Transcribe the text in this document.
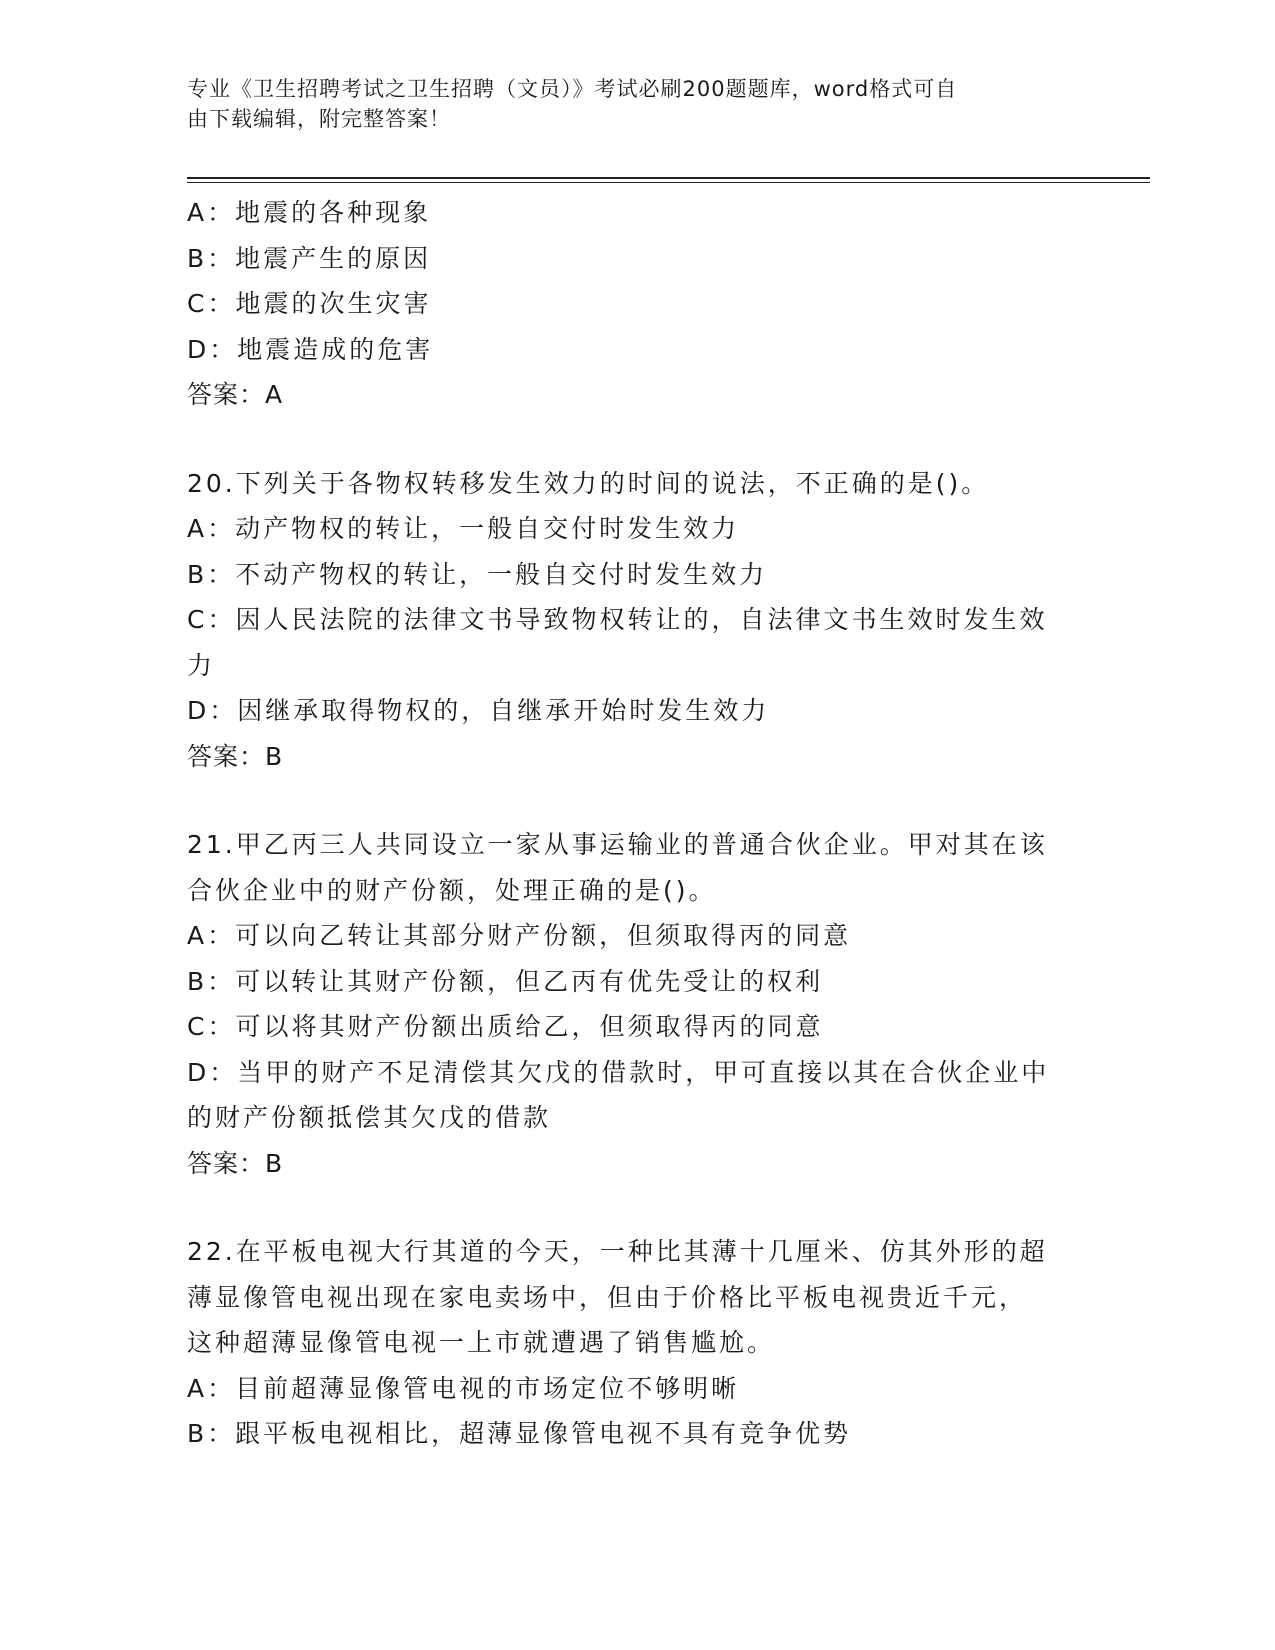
专业《卫生招聘考试之卫生招聘（文员）》考试必刷200题题库，word格式可自
由下载编辑，附完整答案！
A：地震的各种现象
B：地震产生的原因
C：地震的次生灾害
D：地震造成的危害
答案：A
20.下列关于各物权转移发生效力的时间的说法，不正确的是()。
A：动产物权的转让，一般自交付时发生效力
B：不动产物权的转让，一般自交付时发生效力
C：因人民法院的法律文书导致物权转让的，自法律文书生效时发生效
力
D：因继承取得物权的，自继承开始时发生效力
答案：B
21.甲乙丙三人共同设立一家从事运输业的普通合伙企业。甲对其在该
合伙企业中的财产份额，处理正确的是()。
A：可以向乙转让其部分财产份额，但须取得丙的同意
B：可以转让其财产份额，但乙丙有优先受让的权利
C：可以将其财产份额出质给乙，但须取得丙的同意
D：当甲的财产不足清偿其欠戊的借款时，甲可直接以其在合伙企业中
的财产份额抵偿其欠戊的借款
答案：B
22.在平板电视大行其道的今天，一种比其薄十几厘米、仿其外形的超
薄显像管电视出现在家电卖场中，但由于价格比平板电视贵近千元，
这种超薄显像管电视一上市就遭遇了销售尴尬。
A：目前超薄显像管电视的市场定位不够明晰
B：跟平板电视相比，超薄显像管电视不具有竞争优势
